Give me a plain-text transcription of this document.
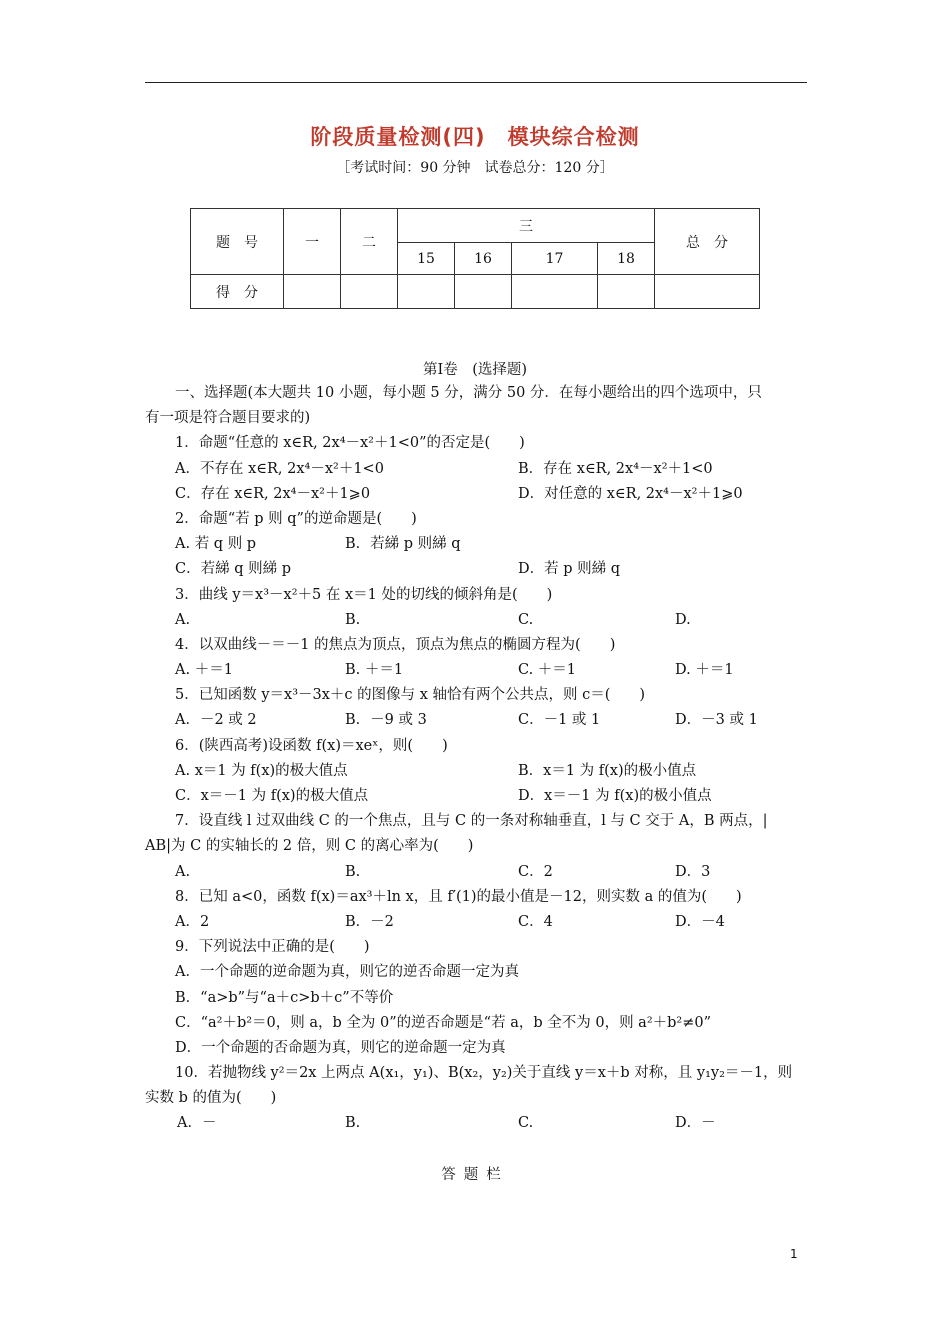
阶段质量检测(四)　模块综合检测
［考试时间：90 分钟　试卷总分：120 分］
题　号	一	二	三				总　分
			15	16	17	18	
得　分							
第Ⅰ卷　(选择题)
一、选择题(本大题共 10 小题，每小题 5 分，满分 50 分．在每小题给出的四个选项中，只
有一项是符合题目要求的)
1．命题“任意的 x∈R, 2x⁴－x²＋1<0”的否定是(　　)
A．不存在 x∈R, 2x⁴－x²＋1<0	B．存在 x∈R, 2x⁴－x²＋1<0
C．存在 x∈R, 2x⁴－x²＋1⩾0	D．对任意的 x∈R, 2x⁴－x²＋1⩾0
2．命题“若 p 则 q”的逆命题是(　　)
A. 若 q 则 p	B．若綈 p 则綈 q
C．若綈 q 则綈 p	D．若 p 则綈 q
3．曲线 y＝x³－x²＋5 在 x＝1 处的切线的倾斜角是(　　)
A.	B.	C.	D.
4．以双曲线－＝－1 的焦点为顶点，顶点为焦点的椭圆方程为(　　)
A. ＋＝1	B. ＋＝1	C. ＋＝1	D. ＋＝1
5．已知函数 y＝x³－3x＋c 的图像与 x 轴恰有两个公共点，则 c＝(　　)
A．－2 或 2	B．－9 或 3	C．－1 或 1	D．－3 或 1
6．(陕西高考)设函数 f(x)＝xeˣ，则(　　)
A. x＝1 为 f(x)的极大值点	B．x＝1 为 f(x)的极小值点
C．x＝－1 为 f(x)的极大值点	D．x＝－1 为 f(x)的极小值点
7．设直线 l 过双曲线 C 的一个焦点，且与 C 的一条对称轴垂直，l 与 C 交于 A，B 两点，|
AB|为 C 的实轴长的 2 倍，则 C 的离心率为(　　)
A.	B.	C．2	D．3
8．已知 a<0，函数 f(x)＝ax³＋ln x，且 f′(1)的最小值是－12，则实数 a 的值为(　　)
A．2	B．－2	C．4	D．－4
9．下列说法中正确的是(　　)
A．一个命题的逆命题为真，则它的逆否命题一定为真
B．“a>b”与“a＋c>b＋c”不等价
C．“a²＋b²＝0，则 a，b 全为 0”的逆否命题是“若 a，b 全不为 0，则 a²＋b²≠0”
D．一个命题的否命题为真，则它的逆命题一定为真
10．若抛物线 y²＝2x 上两点 A(x₁，y₁)、B(x₂，y₂)关于直线 y＝x＋b 对称，且 y₁y₂＝－1，则
实数 b 的值为(　　)
A．－	B.	C.	D．－
答题栏
1
